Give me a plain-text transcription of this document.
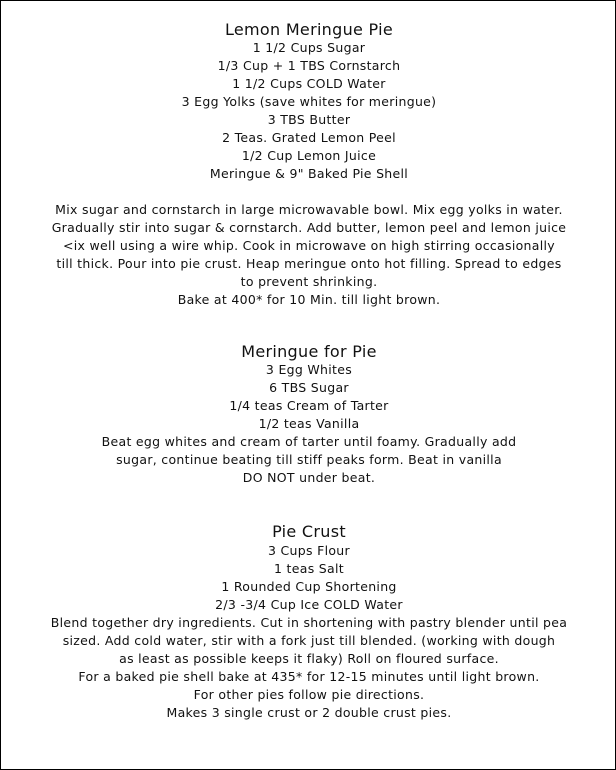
Lemon Meringue Pie
1 1/2 Cups Sugar
1/3 Cup + 1 TBS Cornstarch
1 1/2 Cups COLD Water
3 Egg Yolks (save whites for meringue)
3 TBS Butter
2 Teas. Grated Lemon Peel
1/2 Cup Lemon Juice
Meringue & 9" Baked Pie Shell
Mix sugar and cornstarch in large microwavable bowl. Mix egg yolks in water.
Gradually stir into sugar & cornstarch. Add butter, lemon peel and lemon juice
<ix well using a wire whip. Cook in microwave on high stirring occasionally
till thick. Pour into pie crust. Heap meringue onto hot filling. Spread to edges
to prevent shrinking.
Bake at 400* for 10 Min. till light brown.
Meringue for Pie
3 Egg Whites
6 TBS Sugar
1/4 teas Cream of Tarter
1/2 teas Vanilla
Beat egg whites and cream of tarter until foamy. Gradually add
sugar, continue beating till stiff peaks form. Beat in vanilla
DO NOT under beat.
Pie Crust
3 Cups Flour
1 teas Salt
1 Rounded Cup Shortening
2/3 -3/4 Cup Ice COLD Water
Blend together dry ingredients. Cut in shortening with pastry blender until pea
sized. Add cold water, stir with a fork just till blended. (working with dough
as least as possible keeps it flaky) Roll on floured surface.
For a baked pie shell bake at 435* for 12-15 minutes until light brown.
For other pies follow pie directions.
Makes 3 single crust or 2 double crust pies.
